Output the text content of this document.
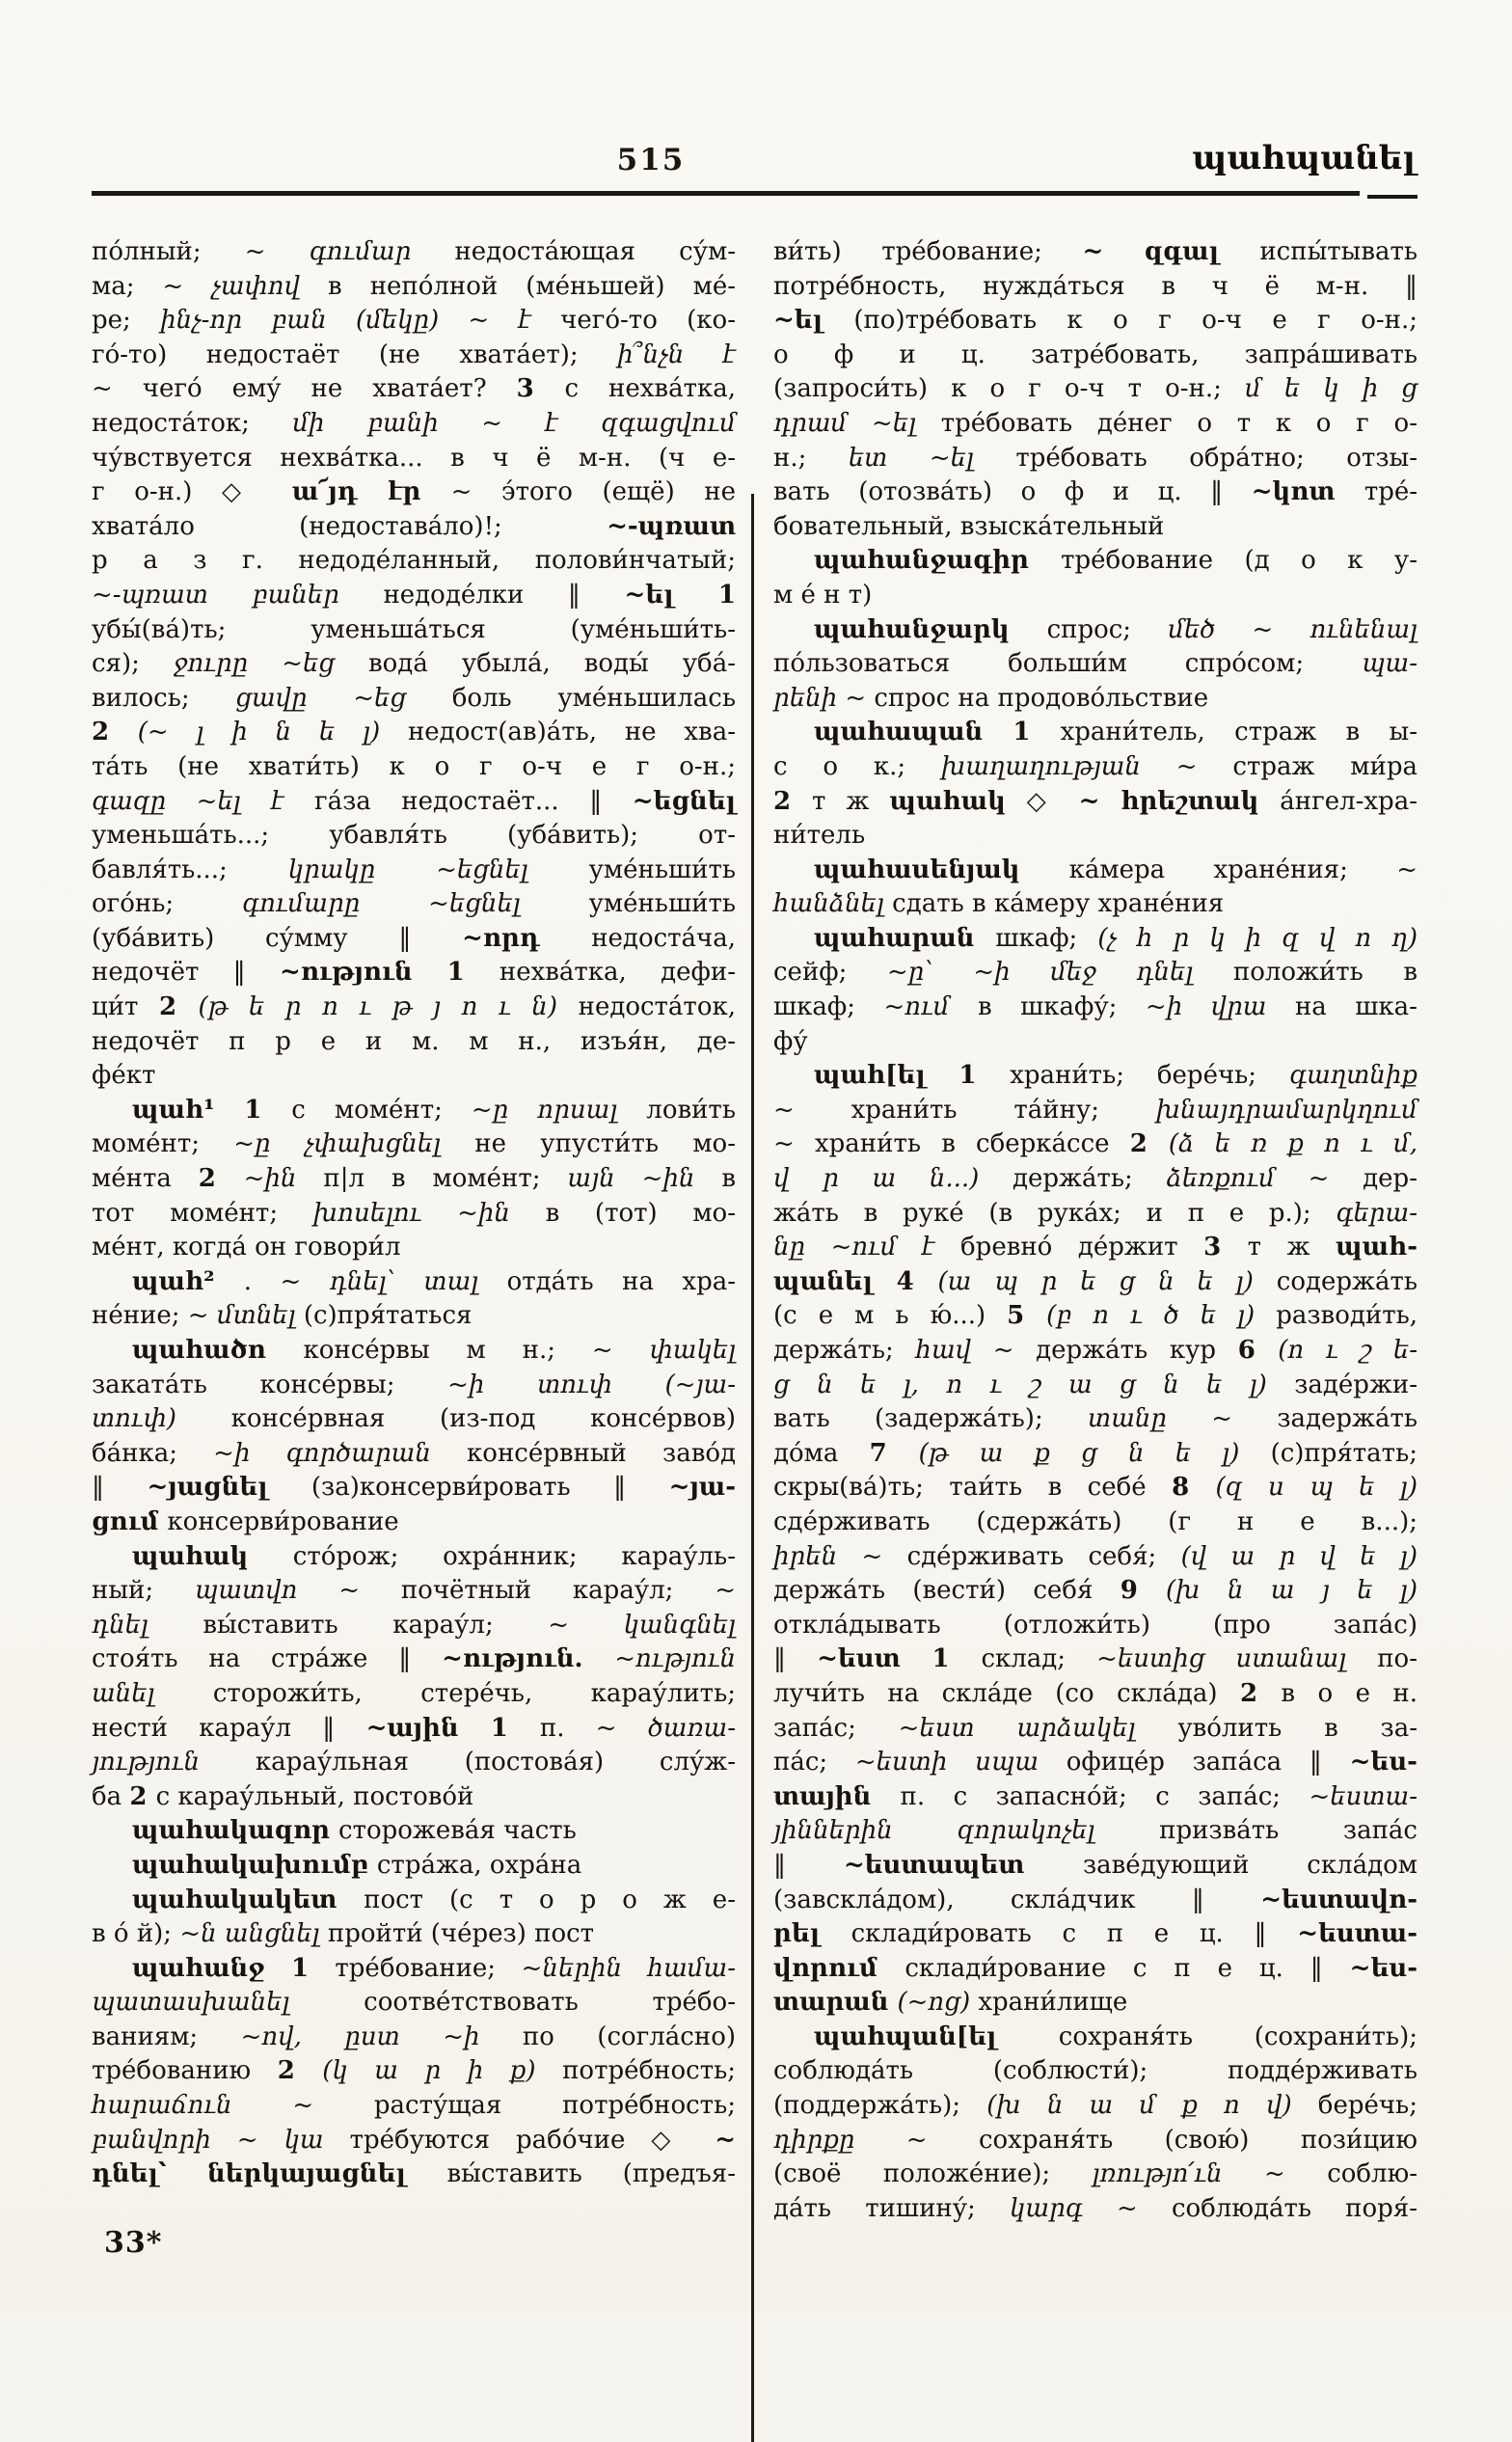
515	պահպանել
по́лный; ~ գումար недоста́ющая су́м-
ма; ~ չափով в непо́лной (ме́ньшей) ме́-
ре; ինչ-որ բան (մեկը) ~ է чего́-то (ко-
го́-то) недостаёт (не хвата́ет); ի՞նչն է
~ чего́ ему́ не хвата́ет? 3 с нехва́тка,
недоста́ток; մի բանի ~ է զգացվում
чу́вствуется нехва́тка... в ч ё м-н. (ч е-
г о-н.) ◇ ա՜յդ էր ~ э́того (ещё) не
хвата́ло (недостава́ло)!; ~-պռատ
р а з г. недоде́ланный, полови́нчатый;
~-պռատ բաներ недоде́лки ‖ ~ել 1
убы́(ва́)ть; уменьша́ться (уме́ньши́ть-
ся); ջուրը ~եց вода́ убыла́, воды́ уба́-
вилось; ցավը ~եց боль уме́ньшилась
2 (~ լ ի ն ե լ) недост(ав)а́ть, не хва-
та́ть (не хвати́ть) к о г о-ч е г о-н.;
գազը ~ել է га́за недостаёт... ‖ ~եցնել
уменьша́ть...; убавля́ть (уба́вить); от-
бавля́ть...; կրակը ~եցնել уме́ньши́ть
ого́нь; գումարը ~եցնել уме́ньши́ть
(уба́вить) су́мму ‖ ~որդ недоста́ча,
недочёт ‖ ~ություն 1 нехва́тка, дефи-
ци́т 2 (թ ե ր ո ւ թ յ ո ւ ն) недоста́ток,
недочёт п р е и м. м н., изъя́н, де-
фе́кт
պահ¹ 1 с моме́нт; ~ը որսալ лови́ть
моме́нт; ~ը չփախցնել не упусти́ть мо-
ме́нта 2 ~ին п|л в моме́нт; այն ~ին в
тот моме́нт; խոսելու ~ին в (тот) мо-
ме́нт, когда́ он говори́л
պահ² . ~ դնել՝ տալ отда́ть на хра-
не́ние; ~ մտնել (с)пря́таться
պահածո консе́рвы м н.; ~ փակել
заката́ть консе́рвы; ~ի տուփ (~յա-
տուփ) консе́рвная (из-под консе́рвов)
ба́нка; ~ի գործարան консе́рвный заво́д
‖ ~յացնել (за)консерви́ровать ‖ ~յա-
ցում консерви́рование
պահակ сто́рож; охра́нник; карау́ль-
ный; պատվո ~ почётный карау́л; ~
դնել вы́ставить карау́л; ~ կանգնել
стоя́ть на стра́же ‖ ~ություն. ~ություն
անել сторожи́ть, стере́чь, карау́лить;
нести́ карау́л ‖ ~ային 1 п. ~ ծառա-
յություն карау́льная (постова́я) слу́ж-
ба 2 с карау́льный, постово́й
պահակազոր сторожева́я часть
պահակախումբ стра́жа, охра́на
պահակակետ пост (с т о р о ж е-
в о́ й); ~ն անցնել пройти́ (че́рез) пост
պահանջ 1 тре́бование; ~ներին համա-
պատասխանել соотве́тствовать тре́бо-
ваниям; ~ով, ըստ ~ի по (согла́сно)
тре́бованию 2 (կ ա ր ի ք) потре́бность;
հարաճուն ~ расту́щая потре́бность;
բանվորի ~ կա тре́буются рабо́чие ◇ ~
դնել՝ ներկայացնել вы́ставить (предъя-
ви́ть) тре́бование; ~ զգալ испы́тывать
потре́бность, нужда́ться в ч ё м-н. ‖
~ել (по)тре́бовать к о г о-ч е г о-н.;
о ф и ц. затре́бовать, запра́шивать
(запроси́ть) к о г о-ч т о-н.; մ ե կ ի ց
դրամ ~ել тре́бовать де́нег о т к о г о-
н.; ետ ~ել тре́бовать обра́тно; отзы-
вать (отозва́ть) о ф и ц. ‖ ~կոտ тре́-
бовательный, взыска́тельный
պահանջագիր тре́бование (д о к у-
м е́ н т)
պահանջարկ спрос; մեծ ~ ունենալ
по́льзоваться больши́м спро́сом; պա-
րենի ~ спрос на продово́льствие
պահապան 1 храни́тель, страж в ы-
с о к.; խաղաղության ~ страж ми́ра
2 т ж պահակ ◇ ~ հրեշտակ а́нгел-хра-
ни́тель
պահասենյակ ка́мера хране́ния; ~
հանձնել сдать в ка́меру хране́ния
պահարան шкаф; (չ հ ր կ ի զ վ ո ղ)
сейф; ~ը՝ ~ի մեջ դնել положи́ть в
шкаф; ~ում в шкафу́; ~ի վրա на шка-
фу́
պահ[ել 1 храни́ть; бере́чь; գաղտնիք
~ храни́ть та́йну; խնայդրամարկղում
~ храни́ть в сберка́ссе 2 (ձ ե ռ ք ո ւ մ,
վ ր ա ն...) держа́ть; ձեռքում ~ дер-
жа́ть в руке́ (в рука́х; и п е р.); գերա-
նը ~ում է бревно́ де́ржит 3 т ж պահ-
պանել 4 (ա պ ր ե ց ն ե լ) содержа́ть
(с е м ь ю́...) 5 (բ ո ւ ծ ե լ) разводи́ть,
держа́ть; հավ ~ держа́ть кур 6 (ո ւ շ ե-
ց ն ե լ, ո ւ շ ա ց ն ե լ) заде́ржи-
вать (задержа́ть); տանը ~ задержа́ть
до́ма 7 (թ ա ք ց ն ե լ) (с)пря́тать;
скры(ва́)ть; таи́ть в себе́ 8 (զ ս պ ե լ)
сде́рживать (сдержа́ть) (г н е в...);
իրեն ~ сде́рживать себя́; (վ ա ր վ ե լ)
держа́ть (вести́) себя́ 9 (խ ն ա յ ե լ)
откла́дывать (отложи́ть) (про запа́с)
‖ ~եստ 1 склад; ~եստից ստանալ по-
лучи́ть на скла́де (со скла́да) 2 в о е н.
запа́с; ~եստ արձակել уво́лить в за-
па́с; ~եստի սպա офице́р запа́са ‖ ~ես-
տային п. с запасно́й; с запа́с; ~եստա-
յիններին զորակոչել призва́ть запа́с
‖ ~եստապետ заве́дующий скла́дом
(завскла́дом), скла́дчик ‖ ~եստավո-
րել склади́ровать с п е ц. ‖ ~եստա-
վորում склади́рование с п е ц. ‖ ~ես-
տարան (~ոց) храни́лище
պահպան[ել сохраня́ть (сохрани́ть);
соблюда́ть (соблюсти́); подде́рживать
(поддержа́ть); (խ ն ա մ ք ո վ) бере́чь;
դիրքը ~ сохраня́ть (свою́) пози́цию
(своё положе́ние); լռությո՛ւն ~ соблю-
да́ть тишину́; կարգ ~ соблюда́ть поря́-
33*
